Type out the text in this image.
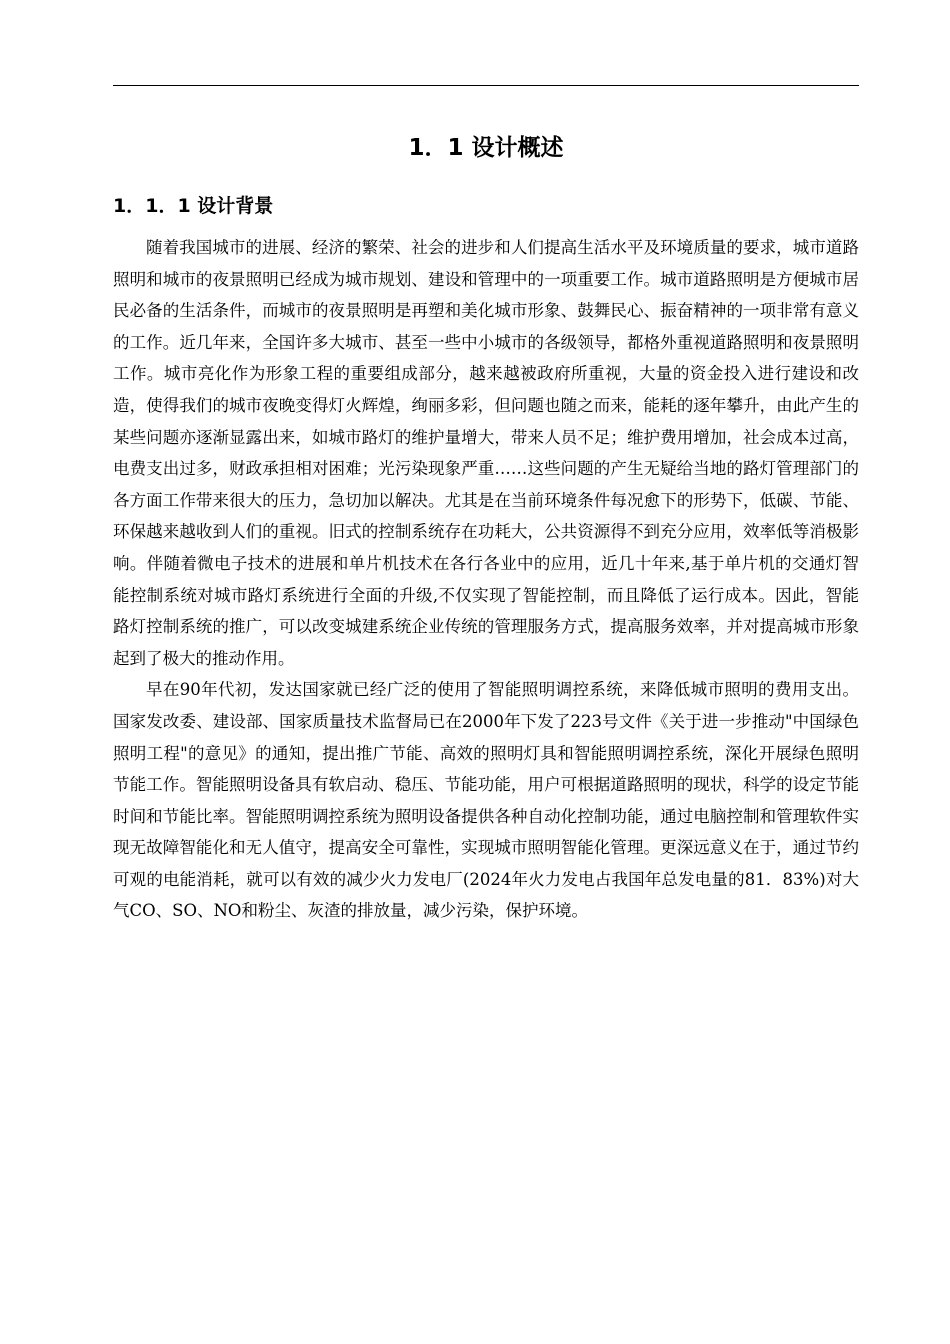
1．1 设计概述
1．1．1 设计背景

随着我国城市的进展、经济的繁荣、社会的进步和人们提高生活水平及环境质量的要求，城市道路照明和城市的夜景照明已经成为城市规划、建设和管理中的一项重要工作。城市道路照明是方便城市居民必备的生活条件，而城市的夜景照明是再塑和美化城市形象、鼓舞民心、振奋精神的一项非常有意义的工作。近几年来，全国许多大城市、甚至一些中小城市的各级领导，都格外重视道路照明和夜景照明工作。城市亮化作为形象工程的重要组成部分，越来越被政府所重视，大量的资金投入进行建设和改造，使得我们的城市夜晚变得灯火辉煌，绚丽多彩，但问题也随之而来，能耗的逐年攀升，由此产生的某些问题亦逐渐显露出来，如城市路灯的维护量增大，带来人员不足；维护费用增加，社会成本过高，电费支出过多，财政承担相对困难；光污染现象严重……这些问题的产生无疑给当地的路灯管理部门的各方面工作带来很大的压力，急切加以解决。尤其是在当前环境条件每况愈下的形势下，低碳、节能、环保越来越收到人们的重视。旧式的控制系统存在功耗大，公共资源得不到充分应用，效率低等消极影响。伴随着微电子技术的进展和单片机技术在各行各业中的应用，近几十年来,基于单片机的交通灯智能控制系统对城市路灯系统进行全面的升级,不仅实现了智能控制，而且降低了运行成本。因此，智能路灯控制系统的推广，可以改变城建系统企业传统的管理服务方式，提高服务效率，并对提高城市形象起到了极大的推动作用。

早在90年代初，发达国家就已经广泛的使用了智能照明调控系统，来降低城市照明的费用支出。国家发改委、建设部、国家质量技术监督局已在2000年下发了223号文件《关于进一步推动"中国绿色照明工程"的意见》的通知，提出推广节能、高效的照明灯具和智能照明调控系统，深化开展绿色照明节能工作。智能照明设备具有软启动、稳压、节能功能，用户可根据道路照明的现状，科学的设定节能时间和节能比率。智能照明调控系统为照明设备提供各种自动化控制功能，通过电脑控制和管理软件实现无故障智能化和无人值守，提高安全可靠性，实现城市照明智能化管理。更深远意义在于，通过节约可观的电能消耗，就可以有效的减少火力发电厂(2024年火力发电占我国年总发电量的81．83%)对大气CO、SO、NO和粉尘、灰渣的排放量，减少污染，保护环境。
